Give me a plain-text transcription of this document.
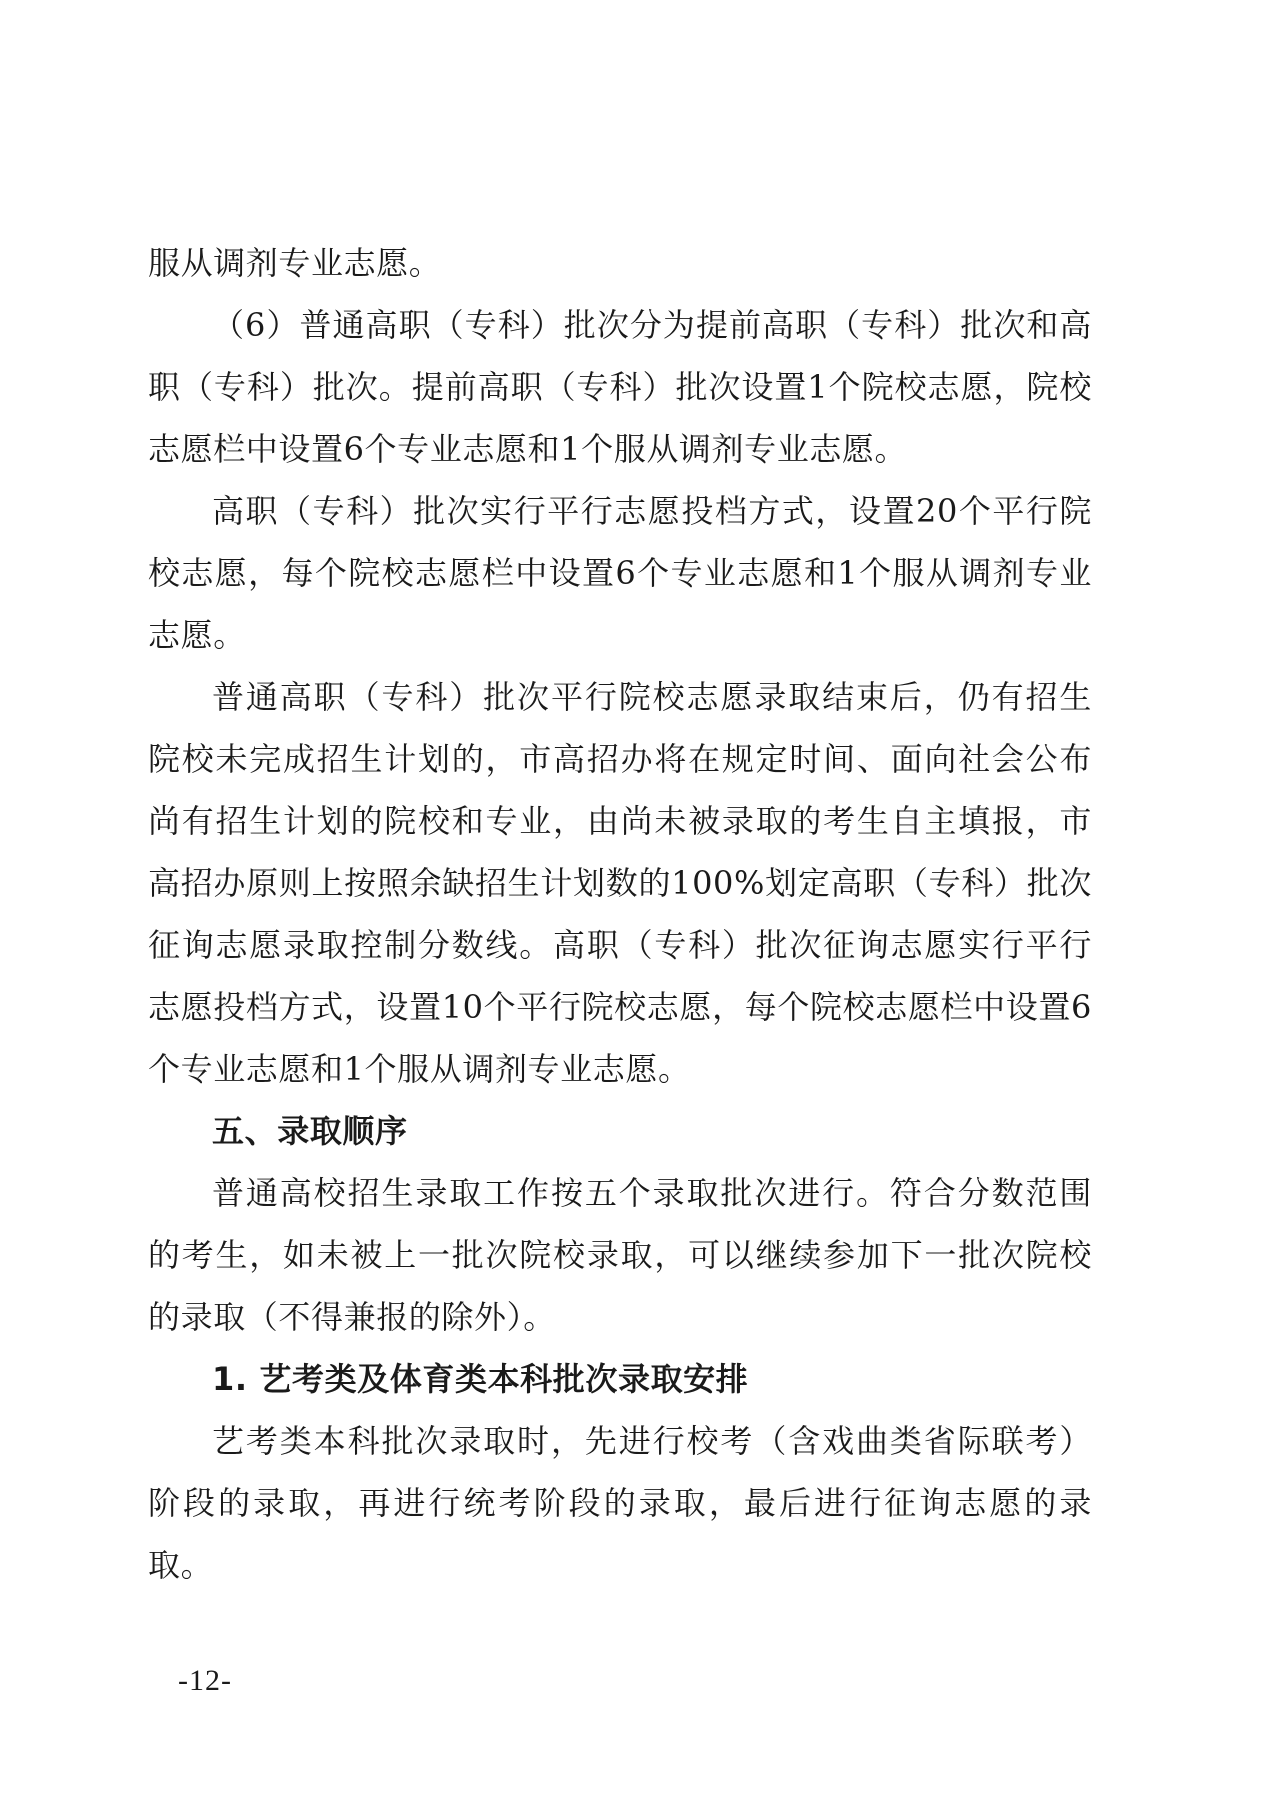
服从调剂专业志愿。

（6）普通高职（专科）批次分为提前高职（专科）批次和高职（专科）批次。提前高职（专科）批次设置1个院校志愿，院校志愿栏中设置6个专业志愿和1个服从调剂专业志愿。

高职（专科）批次实行平行志愿投档方式，设置20个平行院校志愿，每个院校志愿栏中设置6个专业志愿和1个服从调剂专业志愿。

普通高职（专科）批次平行院校志愿录取结束后，仍有招生院校未完成招生计划的，市高招办将在规定时间、面向社会公布尚有招生计划的院校和专业，由尚未被录取的考生自主填报，市高招办原则上按照余缺招生计划数的100%划定高职（专科）批次征询志愿录取控制分数线。高职（专科）批次征询志愿实行平行志愿投档方式，设置10个平行院校志愿，每个院校志愿栏中设置6个专业志愿和1个服从调剂专业志愿。

五、录取顺序

普通高校招生录取工作按五个录取批次进行。符合分数范围的考生，如未被上一批次院校录取，可以继续参加下一批次院校的录取（不得兼报的除外）。

1. 艺考类及体育类本科批次录取安排

艺考类本科批次录取时，先进行校考（含戏曲类省际联考）阶段的录取，再进行统考阶段的录取，最后进行征询志愿的录取。

-12-
